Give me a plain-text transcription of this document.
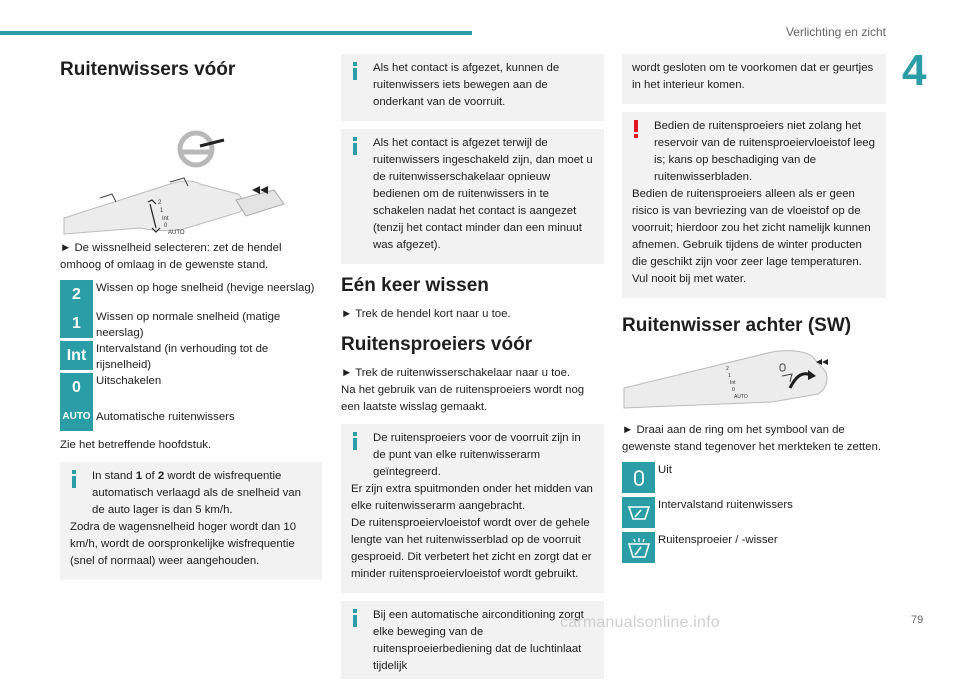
Verlichting en zicht
4
Ruitenwissers vóór
2
1
Int
0
AUTO

► De wissnelheid selecteren: zet de hendel omhoog of omlaag in de gewenste stand.

2	Wissen op hoge snelheid (hevige neerslag)
1	Wissen op normale snelheid (matige neerslag)
Int Intervalstand (in verhouding tot de rijsnelheid)
0	Uitschakelen
AUTO Automatische ruitenwissers

Zie het betreffende hoofdstuk.

In stand 1 of 2 wordt de wisfrequentie automatisch verlaagd als de snelheid van de auto lager is dan 5 km/h.

Zodra de wagensnelheid hoger wordt dan 10 km/h, wordt de oorspronkelijke wisfrequentie (snel of normaal) weer aangehouden.

Als het contact is afgezet, kunnen de ruitenwissers iets bewegen aan de onderkant van de voorruit.

Als het contact is afgezet terwijl de ruitenwissers ingeschakeld zijn, dan moet u de ruitenwisserschakelaar opnieuw bedienen om de ruitenwissers in te schakelen nadat het contact is aangezet (tenzij het contact minder dan een minuut was afgezet).

Eén keer wissen

► Trek de hendel kort naar u toe.

Ruitensproeiers vóór

► Trek de ruitenwisserschakelaar naar u toe.

Na het gebruik van de ruitensproeiers wordt nog een laatste wisslag gemaakt.

De ruitensproeiers voor de voorruit zijn in de punt van elke ruitenwisserarm geïntegreerd.

Er zijn extra spuitmonden onder het midden van elke ruitenwisserarm aangebracht.

De ruitensproeiervloeistof wordt over de gehele lengte van het ruitenwisserblad op de voorruit gesproeid. Dit verbetert het zicht en zorgt dat er minder ruitensproeiervloeistof wordt gebruikt.

Bij een automatische airconditioning zorgt elke beweging van de ruitensproeierbediening dat de luchtinlaat tijdelijk

wordt gesloten om te voorkomen dat er geurtjes in het interieur komen.

Bedien de ruitensproeiers niet zolang het reservoir van de ruitensproeiervloeistof leeg is; kans op beschadiging van de ruitenwisserbladen.

Bedien de ruitensproeiers alleen als er geen risico is van bevriezing van de vloeistof op de voorruit; hierdoor zou het zicht namelijk kunnen afnemen. Gebruik tijdens de winter producten die geschikt zijn voor zeer lage temperaturen.

Vul nooit bij met water.

Ruitenwisser achter (SW)
2
1
Int
0
AUTO

► Draai aan de ring om het symbool van de gewenste stand tegenover het merkteken te zetten.

Uit
Intervalstand ruitenwissers
Ruitensproeier / -wisser
carmanualsonline.info	79
